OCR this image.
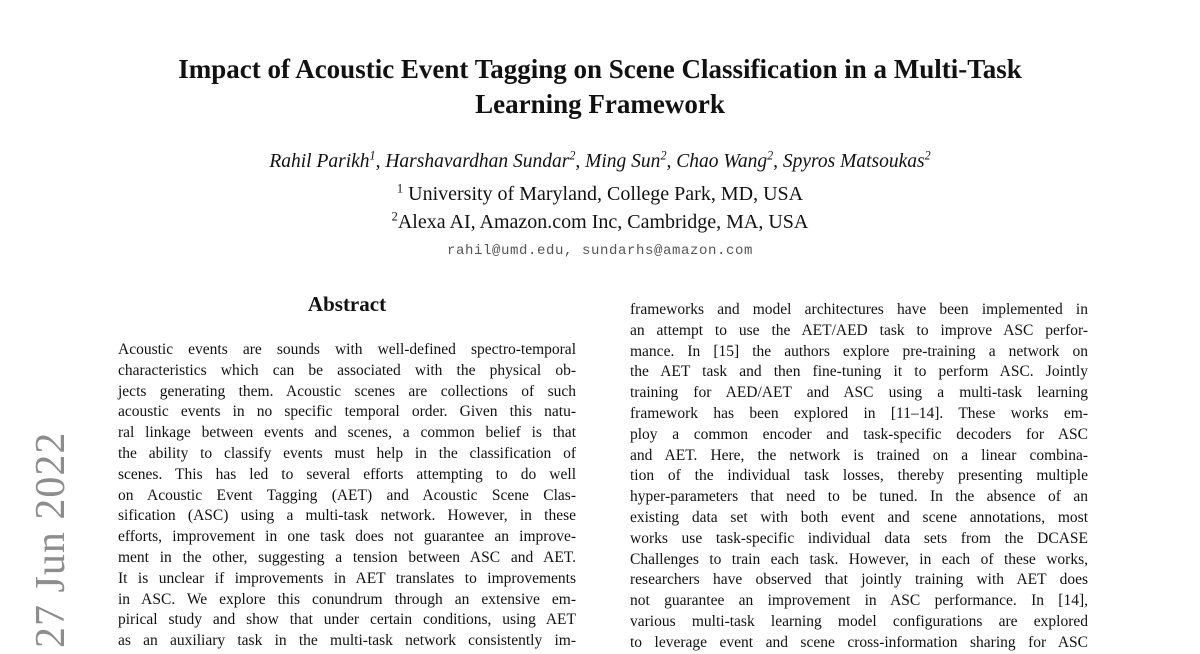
27 Jun 2022
Impact of Acoustic Event Tagging on Scene Classification in a Multi-Task
Learning Framework
Rahil Parikh$^1$, Harshavardhan Sundar$^2$, Ming Sun$^2$, Chao Wang$^2$, Spyros Matsoukas$^2$
$^1$ University of Maryland, College Park, MD, USA
$^2$Alexa AI, Amazon.com Inc, Cambridge, MA, USA
rahil@umd.edu, sundarhs@amazon.com
Abstract
Acoustic events are sounds with well-defined spectro-temporal
characteristics which can be associated with the physical ob-
jects generating them. Acoustic scenes are collections of such
acoustic events in no specific temporal order. Given this natu-
ral linkage between events and scenes, a common belief is that
the ability to classify events must help in the classification of
scenes. This has led to several efforts attempting to do well
on Acoustic Event Tagging (AET) and Acoustic Scene Clas-
sification (ASC) using a multi-task network. However, in these
efforts, improvement in one task does not guarantee an improve-
ment in the other, suggesting a tension between ASC and AET.
It is unclear if improvements in AET translates to improvements
in ASC. We explore this conundrum through an extensive em-
pirical study and show that under certain conditions, using AET
as an auxiliary task in the multi-task network consistently im-
frameworks and model architectures have been implemented in
an attempt to use the AET/AED task to improve ASC perfor-
mance. In [15] the authors explore pre-training a network on
the AET task and then fine-tuning it to perform ASC. Jointly
training for AED/AET and ASC using a multi-task learning
framework has been explored in [11–14]. These works em-
ploy a common encoder and task-specific decoders for ASC
and AET. Here, the network is trained on a linear combina-
tion of the individual task losses, thereby presenting multiple
hyper-parameters that need to be tuned. In the absence of an
existing data set with both event and scene annotations, most
works use task-specific individual data sets from the DCASE
Challenges to train each task. However, in each of these works,
researchers have observed that jointly training with AET does
not guarantee an improvement in ASC performance. In [14],
various multi-task learning model configurations are explored
to leverage event and scene cross-information sharing for ASC
